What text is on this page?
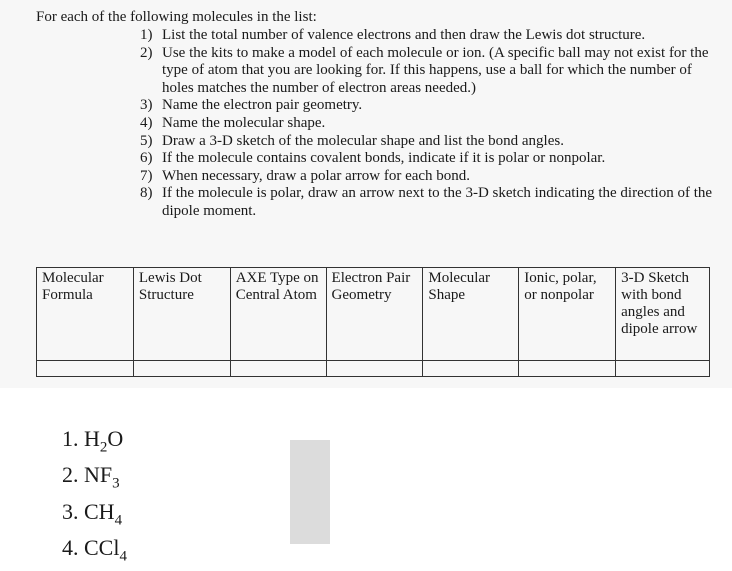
For each of the following molecules in the list:
1) List the total number of valence electrons and then draw the Lewis dot structure.
2) Use the kits to make a model of each molecule or ion. (A specific ball may not exist for the type of atom that you are looking for. If this happens, use a ball for which the number of holes matches the number of electron areas needed.)
3) Name the electron pair geometry.
4) Name the molecular shape.
5) Draw a 3-D sketch of the molecular shape and list the bond angles.
6) If the molecule contains covalent bonds, indicate if it is polar or nonpolar.
7) When necessary, draw a polar arrow for each bond.
8) If the molecule is polar, draw an arrow next to the 3-D sketch indicating the direction of the dipole moment.
Molecular Formula	Lewis Dot Structure	AXE Type on Central Atom	Electron Pair Geometry	Molecular Shape	Ionic, polar, or nonpolar	3-D Sketch with bond angles and dipole arrow

1. $H_2O$
2. $NF_3$
3. $CH_4$
4. CCl$_4$
